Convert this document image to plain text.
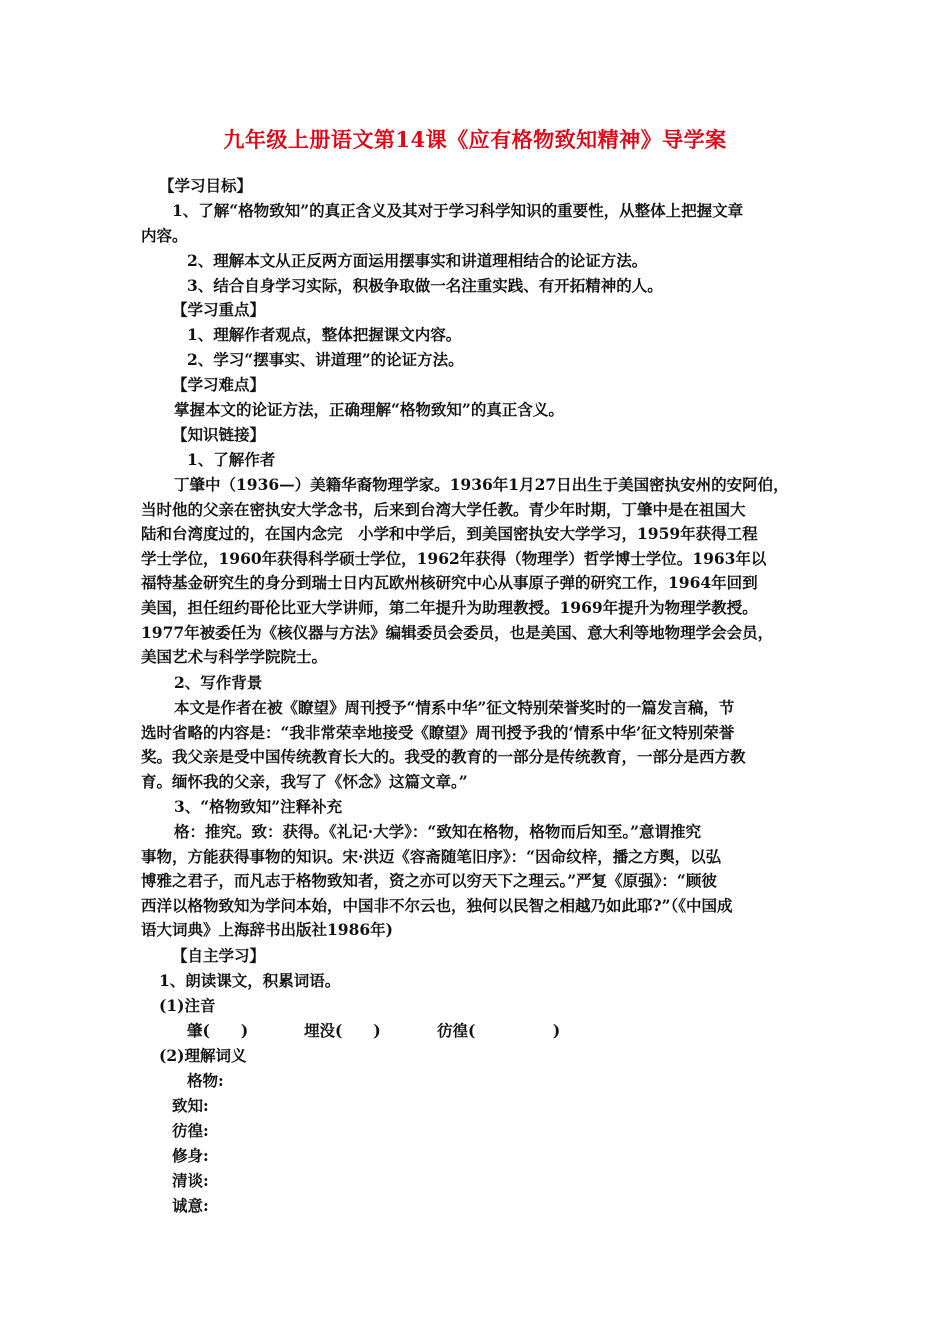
九年级上册语文第14课《应有格物致知精神》导学案
【学习目标】
1、了解“格物致知”的真正含义及其对于学习科学知识的重要性，从整体上把握文章
内容。
2、理解本文从正反两方面运用摆事实和讲道理相结合的论证方法。
3、结合自身学习实际，积极争取做一名注重实践、有开拓精神的人。
【学习重点】
1、理解作者观点，整体把握课文内容。
2、学习“摆事实、讲道理”的论证方法。
【学习难点】
掌握本文的论证方法，正确理解“格物致知”的真正含义。
【知识链接】
1、了解作者
丁肇中（1936—）美籍华裔物理学家。1936年1月27日出生于美国密执安州的安阿伯，
当时他的父亲在密执安大学念书，后来到台湾大学任教。青少年时期，丁肇中是在祖国大
陆和台湾度过的，在国内念完　小学和中学后，到美国密执安大学学习，1959年获得工程
学士学位，1960年获得科学硕士学位，1962年获得（物理学）哲学博士学位。1963年以
福特基金研究生的身分到瑞士日内瓦欧州核研究中心从事原子弹的研究工作，1964年回到
美国，担任纽约哥伦比亚大学讲师，第二年提升为助理教授。1969年提升为物理学教授。
1977年被委任为《核仪器与方法》编辑委员会委员，也是美国、意大利等地物理学会会员，
美国艺术与科学学院院士。
2、写作背景
本文是作者在被《瞭望》周刊授予“情系中华”征文特别荣誉奖时的一篇发言稿，节
选时省略的内容是：“我非常荣幸地接受《瞭望》周刊授予我的‘情系中华’征文特别荣誉
奖。我父亲是受中国传统教育长大的。我受的教育的一部分是传统教育，一部分是西方教
育。缅怀我的父亲，我写了《怀念》这篇文章。”
3、“格物致知”注释补充
格：推究。致：获得。《礼记·大学》：“致知在格物，格物而后知至。”意谓推究
事物，方能获得事物的知识。宋·洪迈《容斋随笔旧序》：“因命纹梓，播之方舆，以弘
博雅之君子，而凡志于格物致知者，资之亦可以穷天下之理云。”严复《原强》：“顾彼
西洋以格物致知为学问本始，中国非不尔云也，独何以民智之相越乃如此耶?”（《中国成
语大词典》上海辞书出版社1986年)
【自主学习】
1、朗读课文，积累词语。
(1)注音
肇(　　)	埋没(　　)	彷徨(　　　　　)
(2)理解词义
格物:
致知:
彷徨:
修身:
清谈:
诚意:
